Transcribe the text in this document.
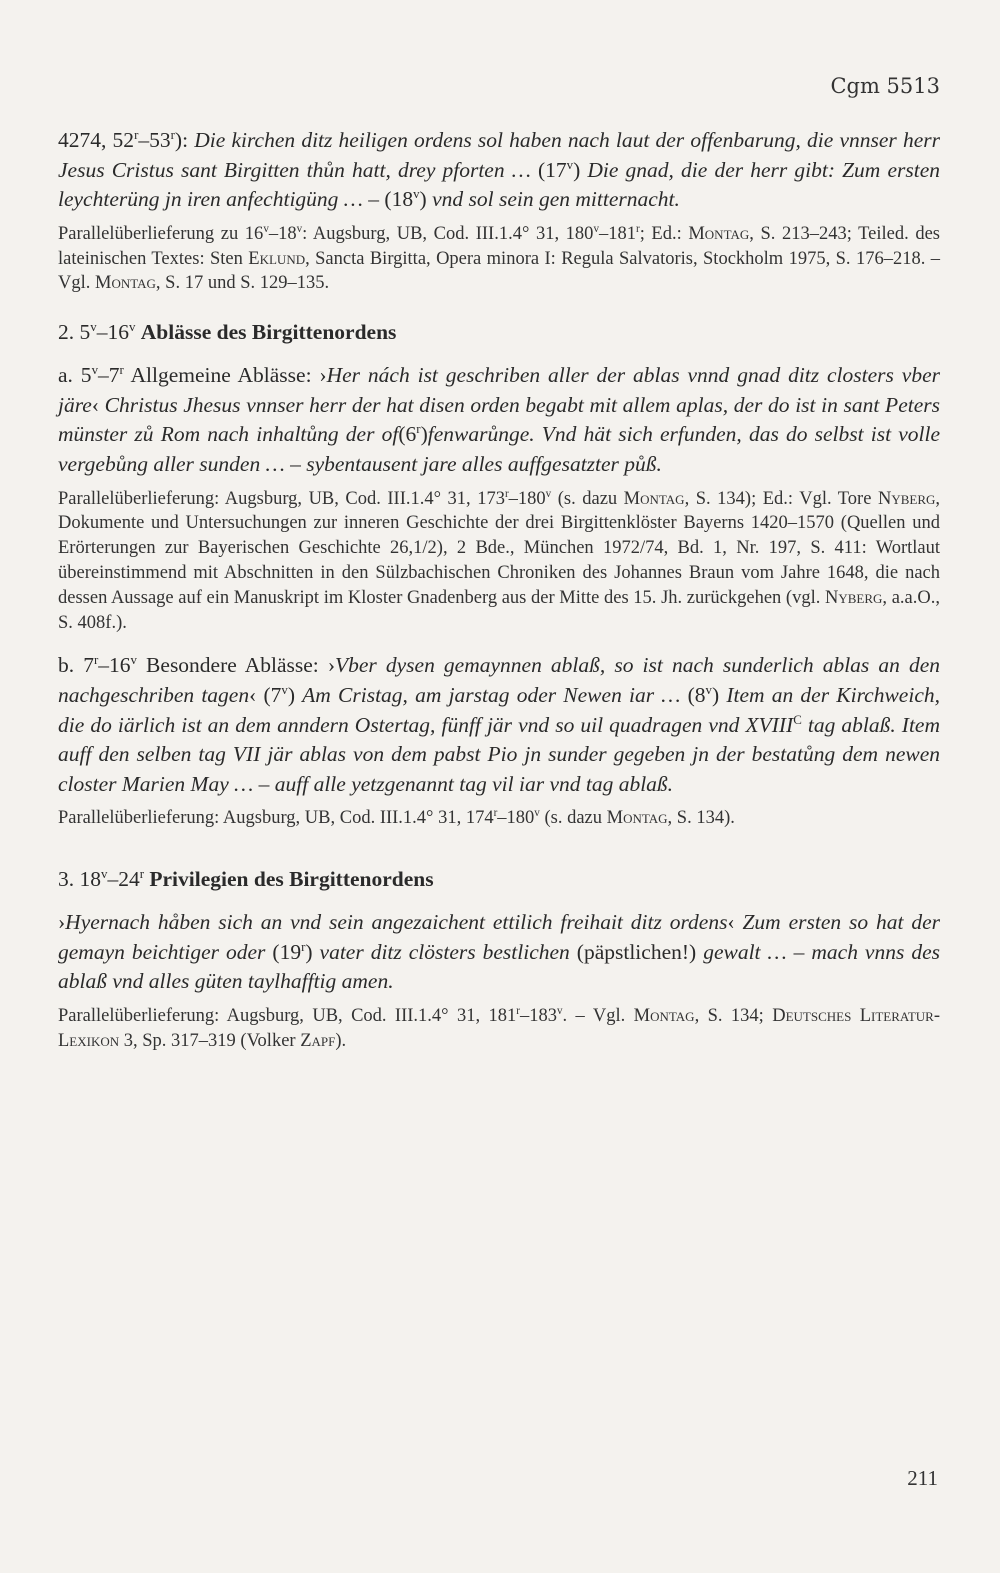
Cgm 5513

4274, 52$^r$–53$^r$): Die kirchen ditz heiligen ordens sol haben nach laut der offenbarung, die vnnser herr Jesus Cristus sant Birgitten thůn hatt, drey pforten … (17$^v$) Die gnad, die der herr gibt: Zum ersten leychterüng jn iren anfechtigüng … – (18$^v$) vnd sol sein gen mitternacht.

Parallelüberlieferung zu 16$^v$–18$^v$: Augsburg, UB, Cod. III.1.4° 31, 180$^v$–181$^r$; Ed.: Montag, S. 213–243; Teiled. des lateinischen Textes: Sten Eklund, Sancta Birgitta, Opera minora I: Regula Salvatoris, Stockholm 1975, S. 176–218. – Vgl. Montag, S. 17 und S. 129–135.

2. 5$^v$–16$^v$ Ablässe des Birgittenordens

a. 5$^v$–7$^r$ Allgemeine Ablässe: ›Her nách ist geschriben aller der ablas vnnd gnad ditz closters vber järe‹ Christus Jhesus vnnser herr der hat disen orden begabt mit allem aplas, der do ist in sant Peters münster zů Rom nach inhaltůng der of(6$^r$)fenwarůnge. Vnd hät sich erfunden, das do selbst ist volle vergebůng aller sunden … – sybentausent jare alles auffgesatzter půß.

Parallelüberlieferung: Augsburg, UB, Cod. III.1.4° 31, 173$^r$–180$^v$ (s. dazu Montag, S. 134); Ed.: Vgl. Tore Nyberg, Dokumente und Untersuchungen zur inneren Geschichte der drei Birgittenklöster Bayerns 1420–1570 (Quellen und Erörterungen zur Bayerischen Geschichte 26,1/2), 2 Bde., München 1972/74, Bd. 1, Nr. 197, S. 411: Wortlaut übereinstimmend mit Abschnitten in den Sülzbachischen Chroniken des Johannes Braun vom Jahre 1648, die nach dessen Aussage auf ein Manuskript im Kloster Gnadenberg aus der Mitte des 15. Jh. zurückgehen (vgl. Nyberg, a.a.O., S. 408f.).

b. 7$^r$–16$^v$ Besondere Ablässe: ›Vber dysen gemaynnen ablaß, so ist nach sunderlich ablas an den nachgeschriben tagen‹ (7$^v$) Am Cristag, am jarstag oder Newen iar … (8$^v$) Item an der Kirchweich, die do iärlich ist an dem anndern Ostertag, fünff jär vnd so uil quadragen vnd $XVIII^C$ tag ablaß. Item auff den selben tag VII jär ablas von dem pabst Pio jn sunder gegeben jn der bestatůng dem newen closter Marien May … – auff alle yetzgenannt tag vil iar vnd tag ablaß.

Parallelüberlieferung: Augsburg, UB, Cod. III.1.4° 31, 174$^r$–180$^v$ (s. dazu Montag, S. 134).

3. 18$^v$–24$^r$ Privilegien des Birgittenordens

›Hyernach håben sich an vnd sein angezaichent ettilich freihait ditz ordens‹ Zum ersten so hat der gemayn beichtiger oder (19$^r$) vater ditz clösters bestlichen (päpstlichen!) gewalt … – mach vnns des ablaß vnd alles güten taylhafftig amen.

Parallelüberlieferung: Augsburg, UB, Cod. III.1.4° 31, 181$^r$–183$^v$. – Vgl. Montag, S. 134; Deutsches Literatur-Lexikon 3, Sp. 317–319 (Volker Zapf).

211
